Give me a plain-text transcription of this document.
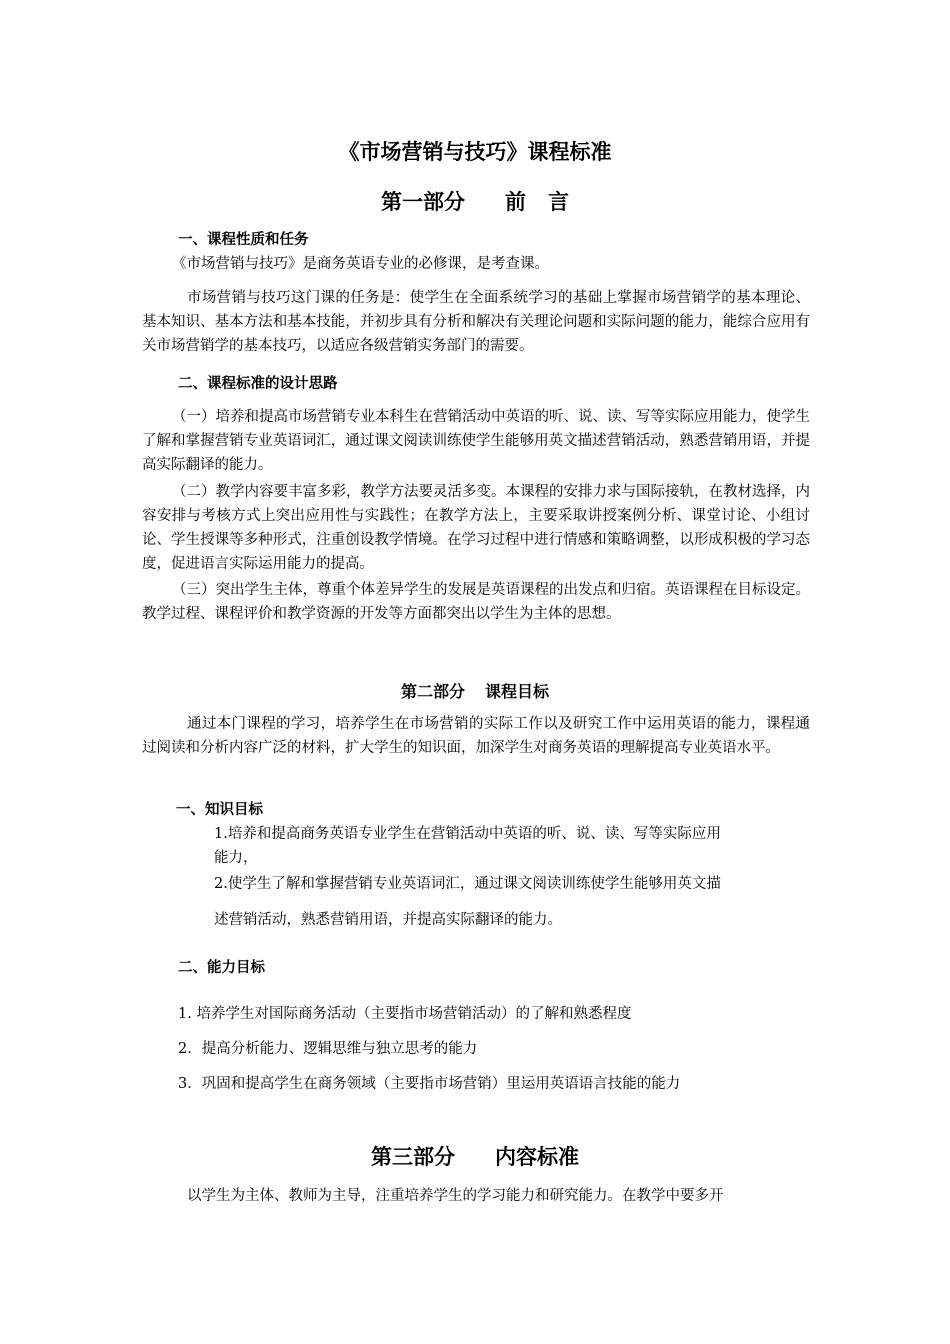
《市场营销与技巧》课程标准
第一部分 前 言
一、课程性质和任务
《市场营销与技巧》是商务英语专业的必修课，是考查课。
市场营销与技巧这门课的任务是：使学生在全面系统学习的基础上掌握市场营销学的基本理论、基本知识、基本方法和基本技能，并初步具有分析和解决有关理论问题和实际问题的能力，能综合应用有关市场营销学的基本技巧，以适应各级营销实务部门的需要。
二、课程标准的设计思路
（一）培养和提高市场营销专业本科生在营销活动中英语的听、说、读、写等实际应用能力，使学生了解和掌握营销专业英语词汇，通过课文阅读训练使学生能够用英文描述营销活动，熟悉营销用语，并提高实际翻译的能力。
（二）教学内容要丰富多彩，教学方法要灵活多变。本课程的安排力求与国际接轨，在教材选择，内容安排与考核方式上突出应用性与实践性；在教学方法上，主要采取讲授案例分析、课堂讨论、小组讨论、学生授课等多种形式，注重创设教学情境。在学习过程中进行情感和策略调整，以形成积极的学习态度，促进语言实际运用能力的提高。
（三）突出学生主体，尊重个体差异学生的发展是英语课程的出发点和归宿。英语课程在目标设定。教学过程、课程评价和教学资源的开发等方面都突出以学生为主体的思想。
第二部分 课程目标
通过本门课程的学习，培养学生在市场营销的实际工作以及研究工作中运用英语的能力，课程通过阅读和分析内容广泛的材料，扩大学生的知识面，加深学生对商务英语的理解提高专业英语水平。
一、知识目标
1.培养和提高商务英语专业学生在营销活动中英语的听、说、读、写等实际应用
能力，
2.使学生了解和掌握营销专业英语词汇，通过课文阅读训练使学生能够用英文描
述营销活动，熟悉营销用语，并提高实际翻译的能力。
二、能力目标
1. 培养学生对国际商务活动（主要指市场营销活动）的了解和熟悉程度
2．提高分析能力、逻辑思维与独立思考的能力
3．巩固和提高学生在商务领域（主要指市场营销）里运用英语语言技能的能力
第三部分 内容标准
以学生为主体、教师为主导，注重培养学生的学习能力和研究能力。在教学中要多开
